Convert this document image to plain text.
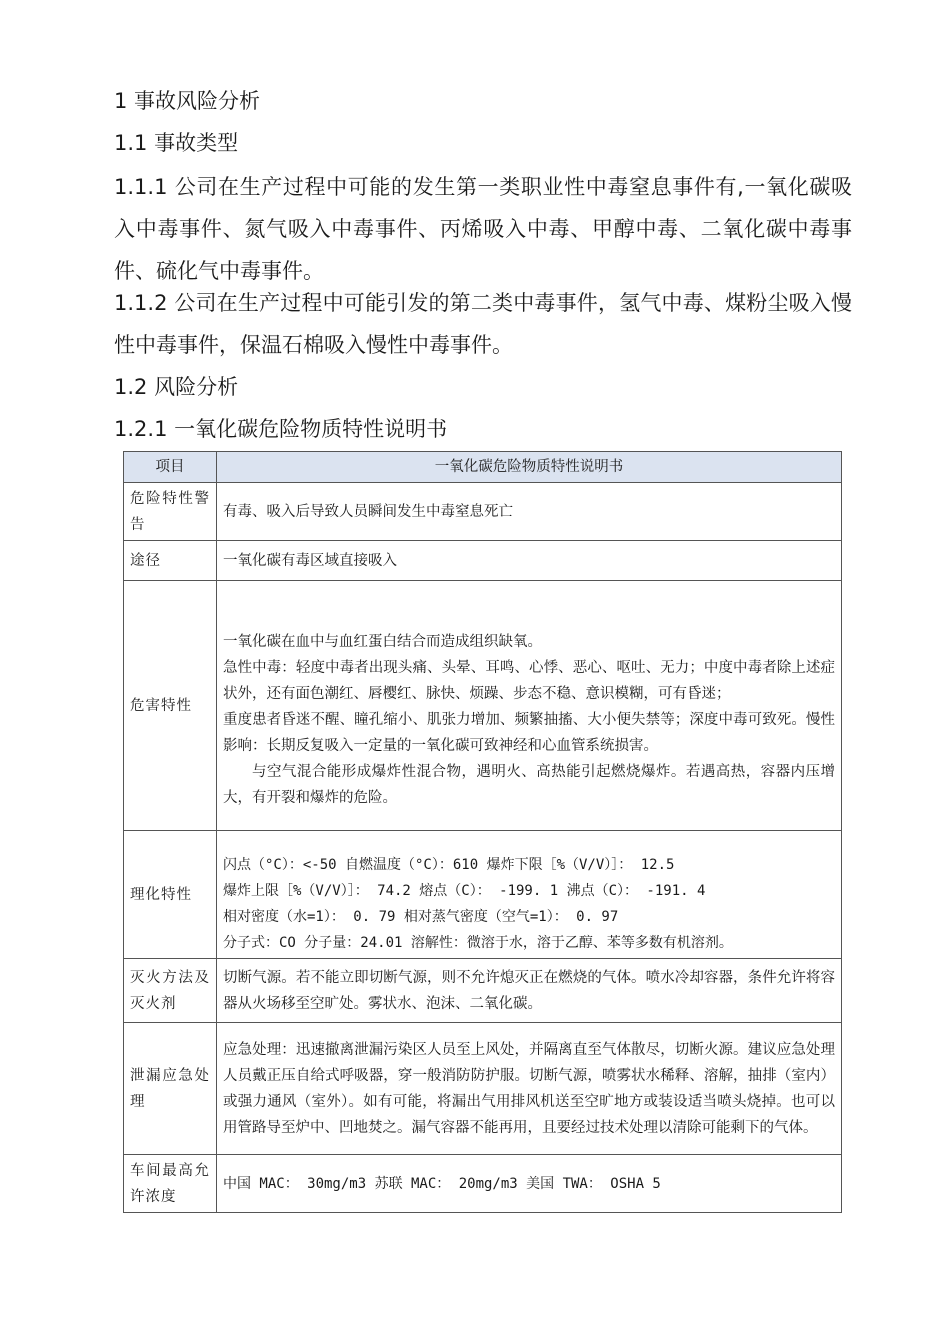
1 事故风险分析
1.1 事故类型
1.1.1 公司在生产过程中可能的发生第一类职业性中毒窒息事件有,一氧化碳吸入中毒事件、氮气吸入中毒事件、丙烯吸入中毒、甲醇中毒、二氧化碳中毒事件、硫化气中毒事件。
1.1.2 公司在生产过程中可能引发的第二类中毒事件，氢气中毒、煤粉尘吸入慢性中毒事件，保温石棉吸入慢性中毒事件。
1.2 风险分析
1.2.1 一氧化碳危险物质特性说明书
项目	一氧化碳危险物质特性说明书
危险特性警告	有毒、吸入后导致人员瞬间发生中毒窒息死亡

途径	一氧化碳有毒区域直接吸入

危害特性	一氧化碳在血中与血红蛋白结合而造成组织缺氧。
急性中毒：轻度中毒者出现头痛、头晕、耳鸣、心悸、恶心、呕吐、无力；中度中毒者除上述症状外，还有面色潮红、唇樱红、脉快、烦躁、步态不稳、意识模糊，可有昏迷；
重度患者昏迷不醒、瞳孔缩小、肌张力增加、频繁抽搐、大小便失禁等；深度中毒可致死。慢性影响：长期反复吸入一定量的一氧化碳可致神经和心血管系统损害。
与空气混合能形成爆炸性混合物，遇明火、高热能引起燃烧爆炸。若遇高热，容器内压增大，有开裂和爆炸的危险。

理化特性	闪点（°C）：<-50 自燃温度（°C）：610 爆炸下限［%（V/V）］： 12.5
爆炸上限［%（V/V）］： 74.2 熔点（C）： -199. 1 沸点（C）： -191. 4
相对密度（水=1）： 0. 79 相对蒸气密度（空气=1）： 0. 97
分子式：CO 分子量：24.01 溶解性：微溶于水，溶于乙醇、苯等多数有机溶剂。

灭火方法及灭火剂	切断气源。若不能立即切断气源，则不允许熄灭正在燃烧的气体。喷水冷却容器，条件允许将容器从火场移至空旷处。雾状水、泡沫、二氧化碳。

泄漏应急处理	应急处理：迅速撤离泄漏污染区人员至上风处，并隔离直至气体散尽，切断火源。建议应急处理人员戴正压自给式呼吸器，穿一般消防防护服。切断气源，喷雾状水稀释、溶解，抽排（室内）或强力通风（室外）。如有可能，将漏出气用排风机送至空旷地方或装设适当喷头烧掉。也可以用管路导至炉中、凹地焚之。漏气容器不能再用，且要经过技术处理以清除可能剩下的气体。

车间最高允许浓度	中国 MAC： 30mg/m3 苏联 MAC： 20mg/m3 美国 TWA： OSHA 5
